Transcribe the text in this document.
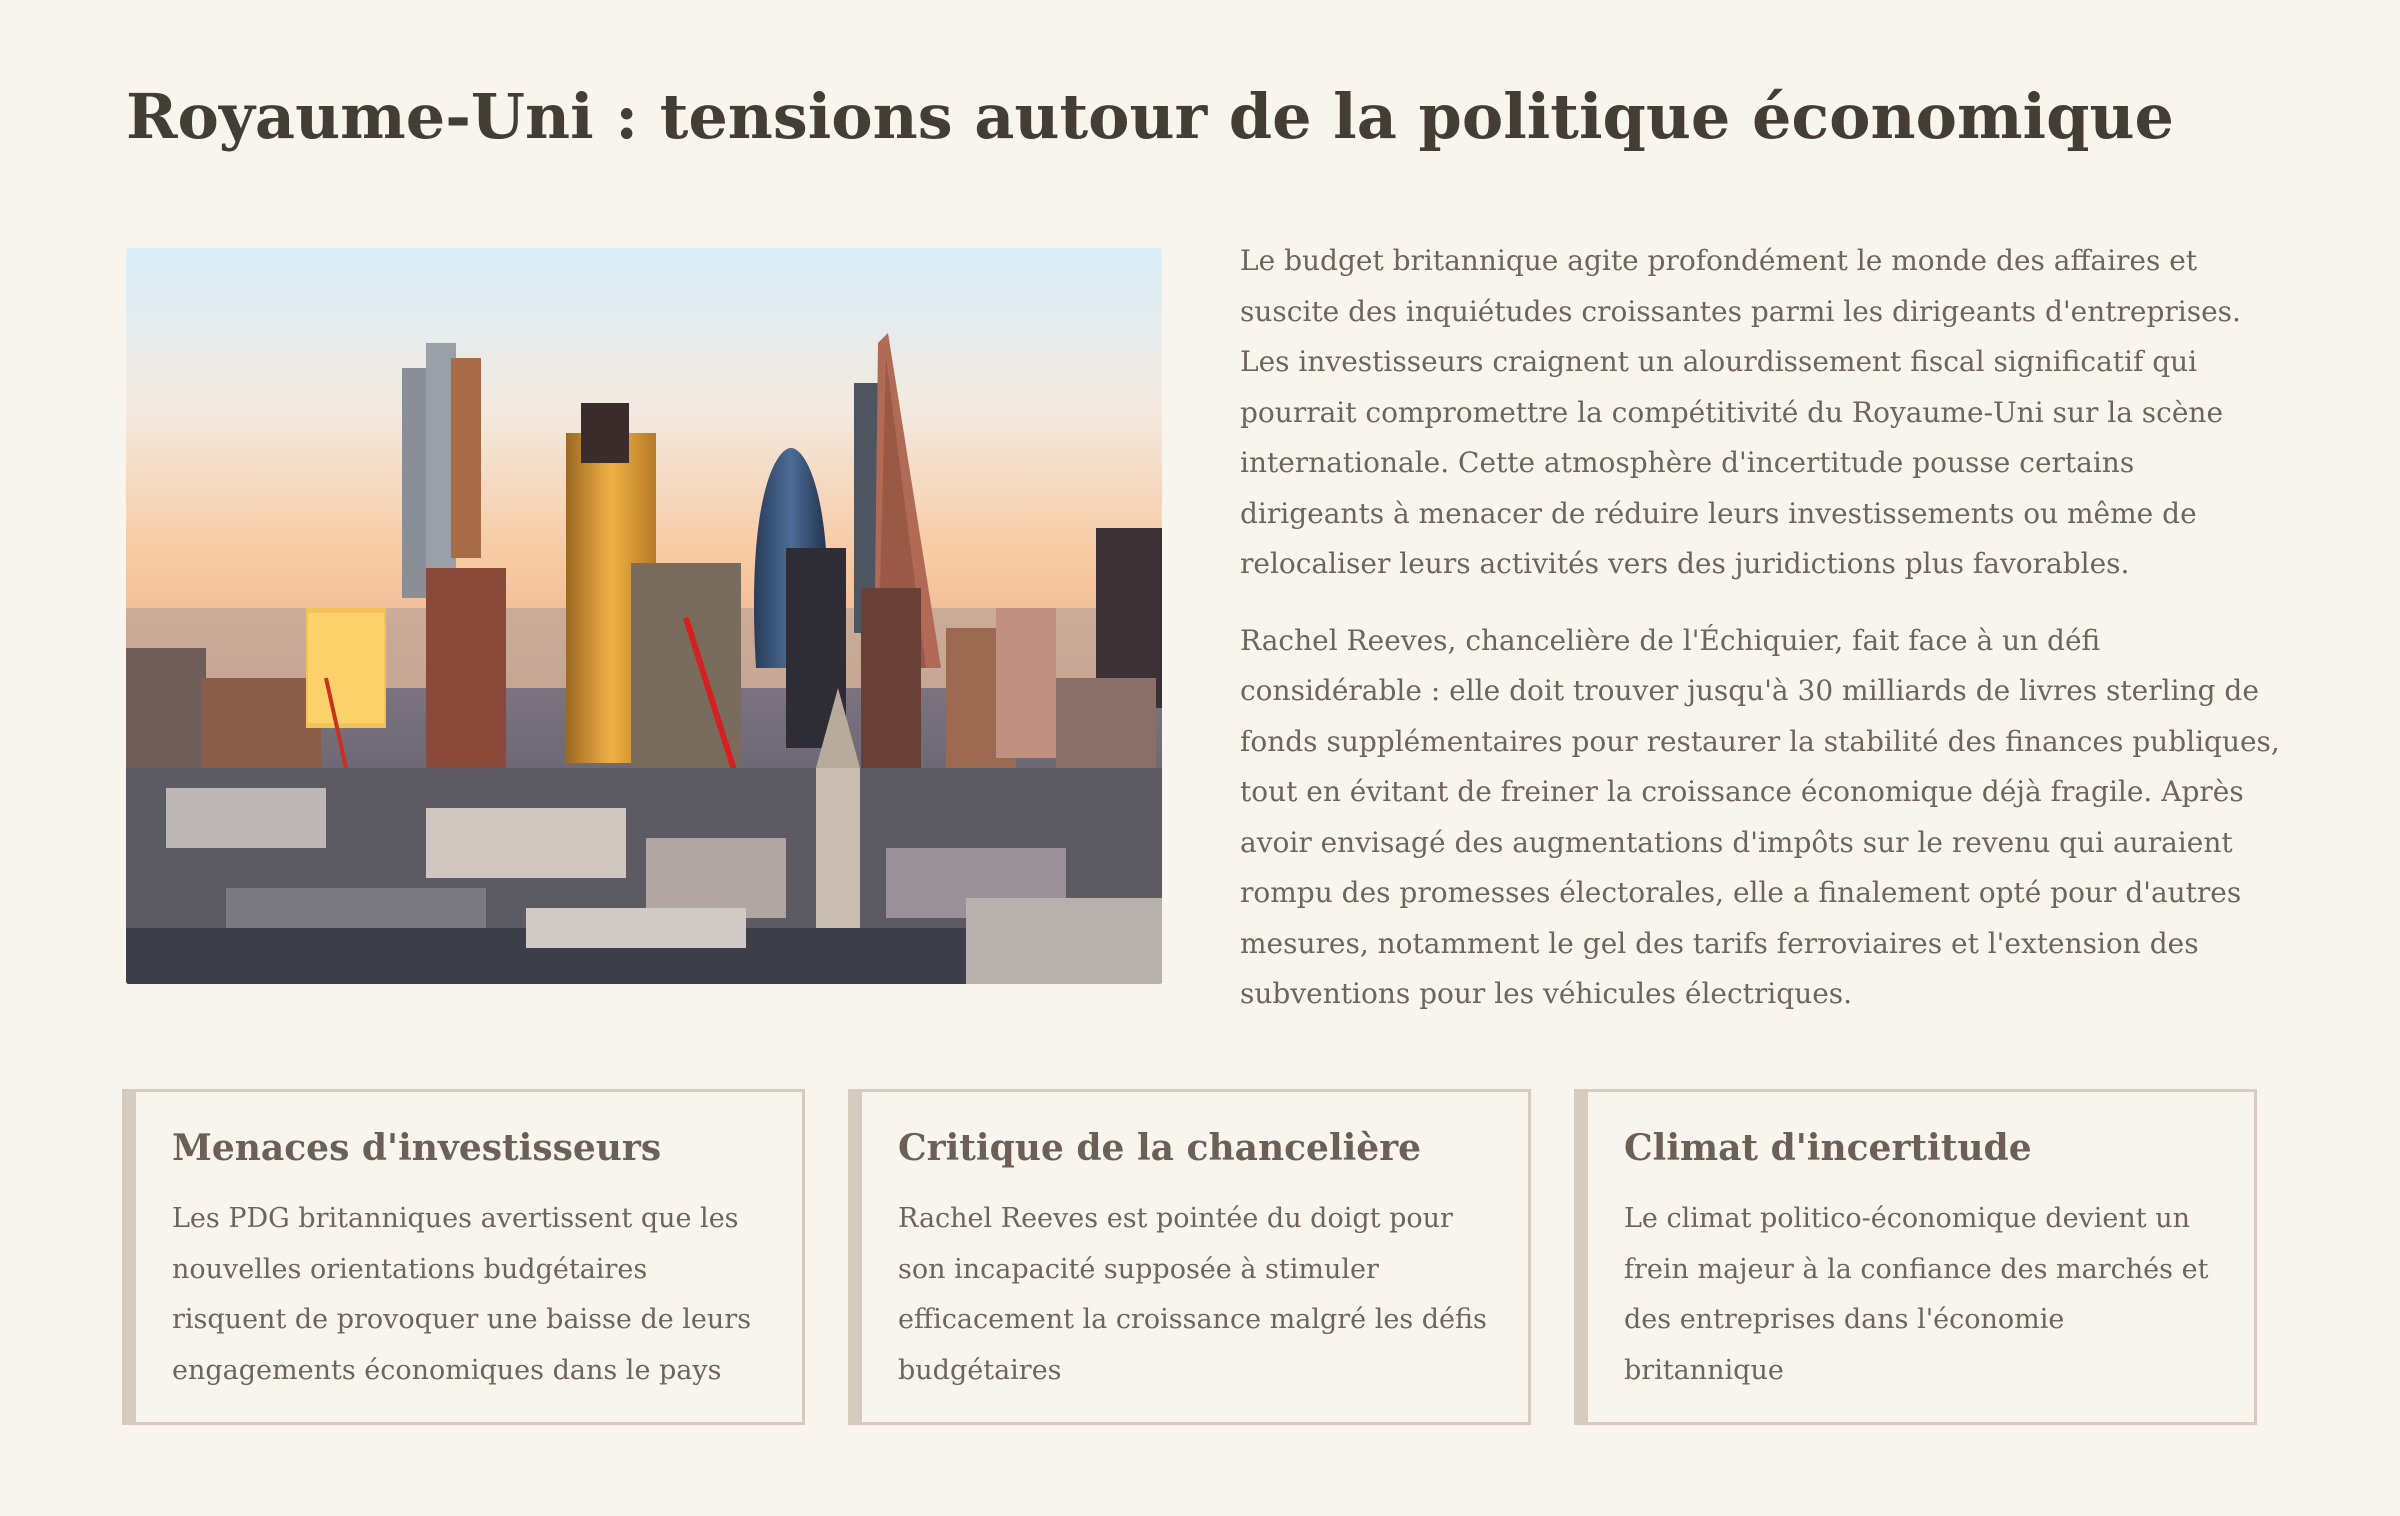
Royaume-Uni : tensions autour de la politique économique

Le budget britannique agite profondément le monde des affaires et suscite des inquiétudes croissantes parmi les dirigeants d'entreprises. Les investisseurs craignent un alourdissement fiscal significatif qui pourrait compromettre la compétitivité du Royaume-Uni sur la scène internationale. Cette atmosphère d'incertitude pousse certains dirigeants à menacer de réduire leurs investissements ou même de relocaliser leurs activités vers des juridictions plus favorables.

Rachel Reeves, chancelière de l'Échiquier, fait face à un défi considérable : elle doit trouver jusqu'à 30 milliards de livres sterling de fonds supplémentaires pour restaurer la stabilité des finances publiques, tout en évitant de freiner la croissance économique déjà fragile. Après avoir envisagé des augmentations d'impôts sur le revenu qui auraient rompu des promesses électorales, elle a finalement opté pour d'autres mesures, notamment le gel des tarifs ferroviaires et l'extension des subventions pour les véhicules électriques.

Menaces d'investisseurs

Les PDG britanniques avertissent que les nouvelles orientations budgétaires risquent de provoquer une baisse de leurs engagements économiques dans le pays

Critique de la chancelière

Rachel Reeves est pointée du doigt pour son incapacité supposée à stimuler efficacement la croissance malgré les défis budgétaires

Climat d'incertitude

Le climat politico-économique devient un frein majeur à la confiance des marchés et des entreprises dans l'économie britannique
